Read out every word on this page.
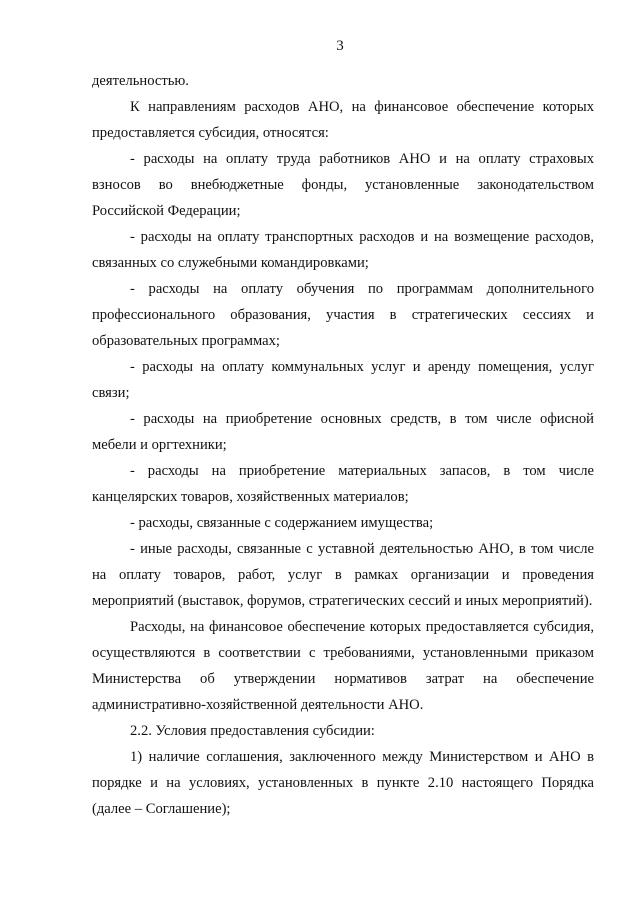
3

деятельностью.

К направлениям расходов АНО, на финансовое обеспечение которых предоставляется субсидия, относятся:

- расходы на оплату труда работников АНО и на оплату страховых взносов во внебюджетные фонды, установленные законодательством Российской Федерации;

- расходы на оплату транспортных расходов и на возмещение расходов, связанных со служебными командировками;

- расходы на оплату обучения по программам дополнительного профессионального образования, участия в стратегических сессиях и образовательных программах;

- расходы на оплату коммунальных услуг и аренду помещения, услуг связи;

- расходы на приобретение основных средств, в том числе офисной мебели и оргтехники;

- расходы на приобретение материальных запасов, в том числе канцелярских товаров, хозяйственных материалов;

- расходы, связанные с содержанием имущества;

- иные расходы, связанные с уставной деятельностью АНО, в том числе на оплату товаров, работ, услуг в рамках организации и проведения мероприятий (выставок, форумов, стратегических сессий и иных мероприятий).

Расходы, на финансовое обеспечение которых предоставляется субсидия, осуществляются в соответствии с требованиями, установленными приказом Министерства об утверждении нормативов затрат на обеспечение административно-хозяйственной деятельности АНО.

2.2. Условия предоставления субсидии:

1) наличие соглашения, заключенного между Министерством и АНО в порядке и на условиях, установленных в пункте 2.10 настоящего Порядка (далее – Соглашение);
